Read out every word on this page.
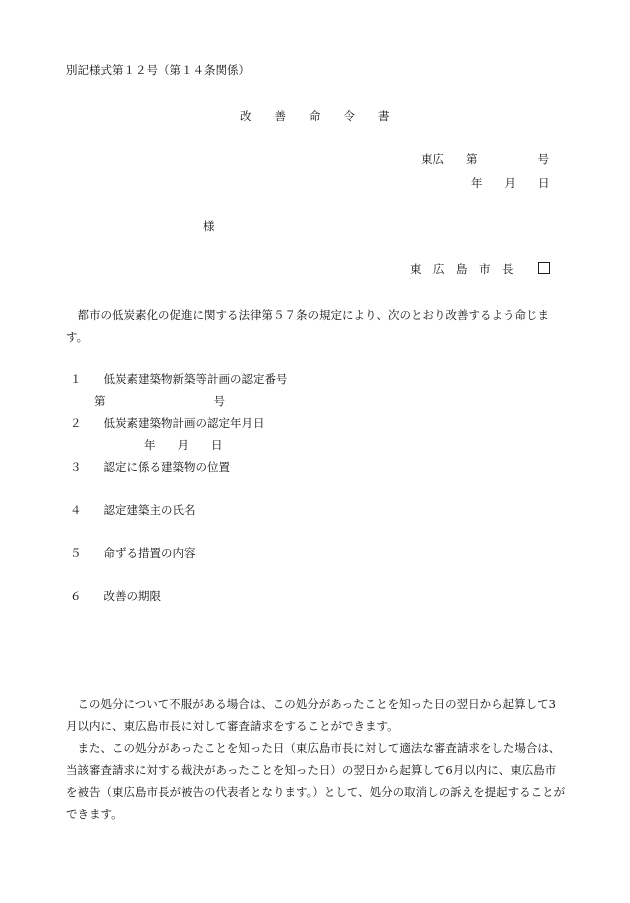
別記様式第１２号（第１４条関係）
改　　善　　命　　令　　書
東広 第	号
年 月 日
様
東　広　島　市　長
都市の低炭素化の促進に関する法律第５７条の規定により、次のとおり改善するよう命じます。
１ 低炭素建築物新築等計画の認定番号
第	号
２ 低炭素建築物計画の認定年月日
年 月 日
３ 認定に係る建築物の位置
４ 認定建築主の氏名
５ 命ずる措置の内容
６ 改善の期限
この処分について不服がある場合は、この処分があったことを知った日の翌日から起算して3月以内に、東広島市長に対して審査請求をすることができます。
また、この処分があったことを知った日（東広島市長に対して適法な審査請求をした場合は、当該審査請求に対する裁決があったことを知った日）の翌日から起算して6月以内に、東広島市を被告（東広島市長が被告の代表者となります。）として、処分の取消しの訴えを提起することができます。
